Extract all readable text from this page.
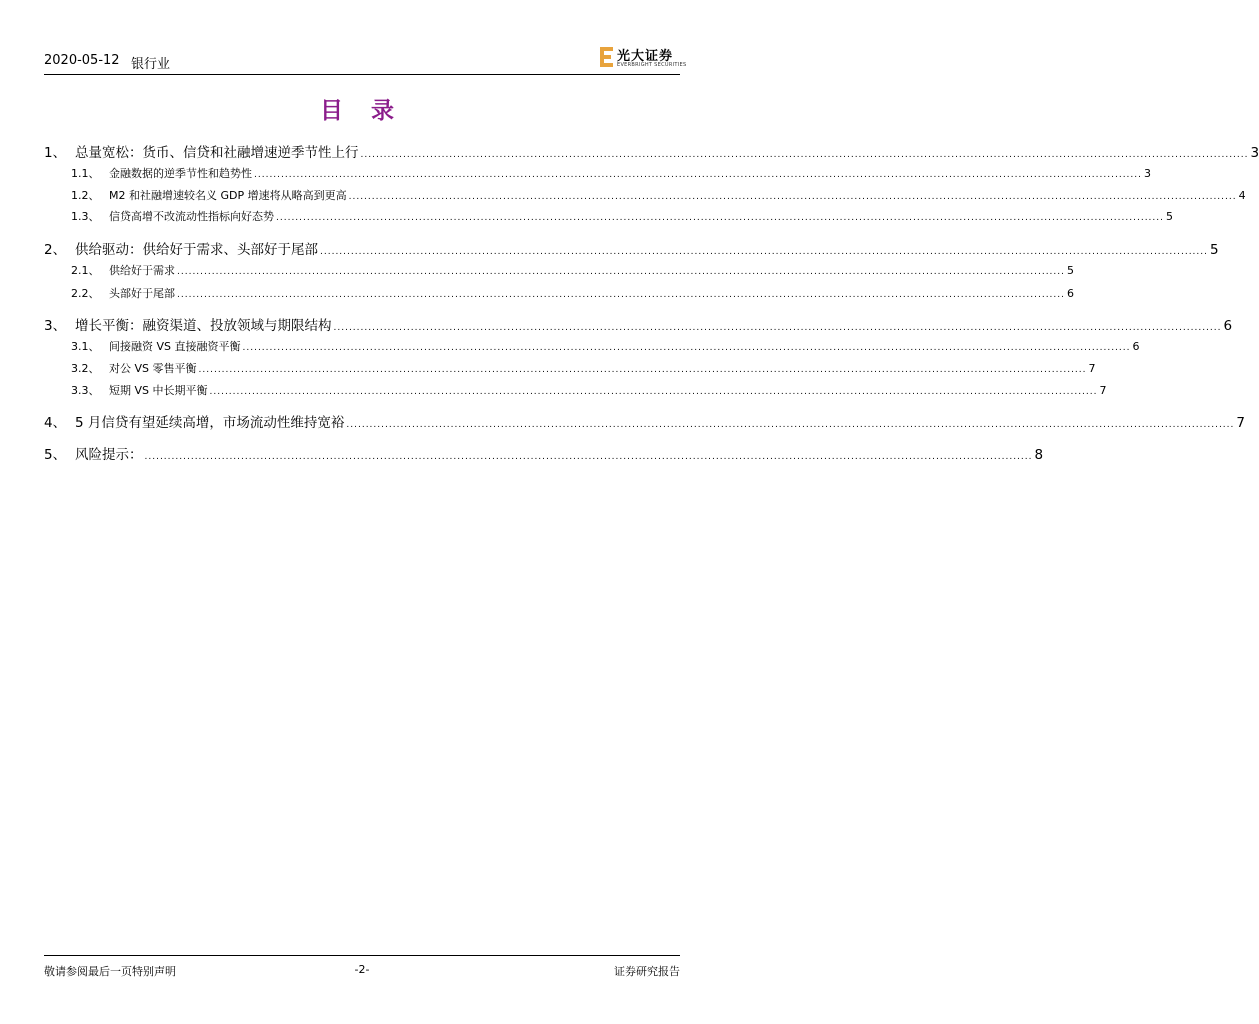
2020-05-12 银行业
光大证券
EVERBRIGHT SECURITIES
目 录
1、 总量宽松：货币、信贷和社融增速逆季节性上行 ...................................................................................................................................................................................................................................... 3
1.1、 金融数据的逆季节性和趋势性 ...................................................................................................................................................................................................................................... 3
1.2、 M2 和社融增速较名义 GDP 增速将从略高到更高 ...................................................................................................................................................................................................................................... 4
1.3、 信贷高增不改流动性指标向好态势 ...................................................................................................................................................................................................................................... 5
2、 供给驱动：供给好于需求、头部好于尾部 ...................................................................................................................................................................................................................................... 5
2.1、 供给好于需求 ...................................................................................................................................................................................................................................... 5
2.2、 头部好于尾部 ...................................................................................................................................................................................................................................... 6
3、 增长平衡：融资渠道、投放领域与期限结构 ...................................................................................................................................................................................................................................... 6
3.1、 间接融资 VS 直接融资平衡 ...................................................................................................................................................................................................................................... 6
3.2、 对公 VS 零售平衡 ...................................................................................................................................................................................................................................... 7
3.3、 短期 VS 中长期平衡 ...................................................................................................................................................................................................................................... 7
4、 5 月信贷有望延续高增，市场流动性维持宽裕 ...................................................................................................................................................................................................................................... 7
5、 风险提示： ...................................................................................................................................................................................................................................... 8
敬请参阅最后一页特别声明	-2-	证券研究报告
